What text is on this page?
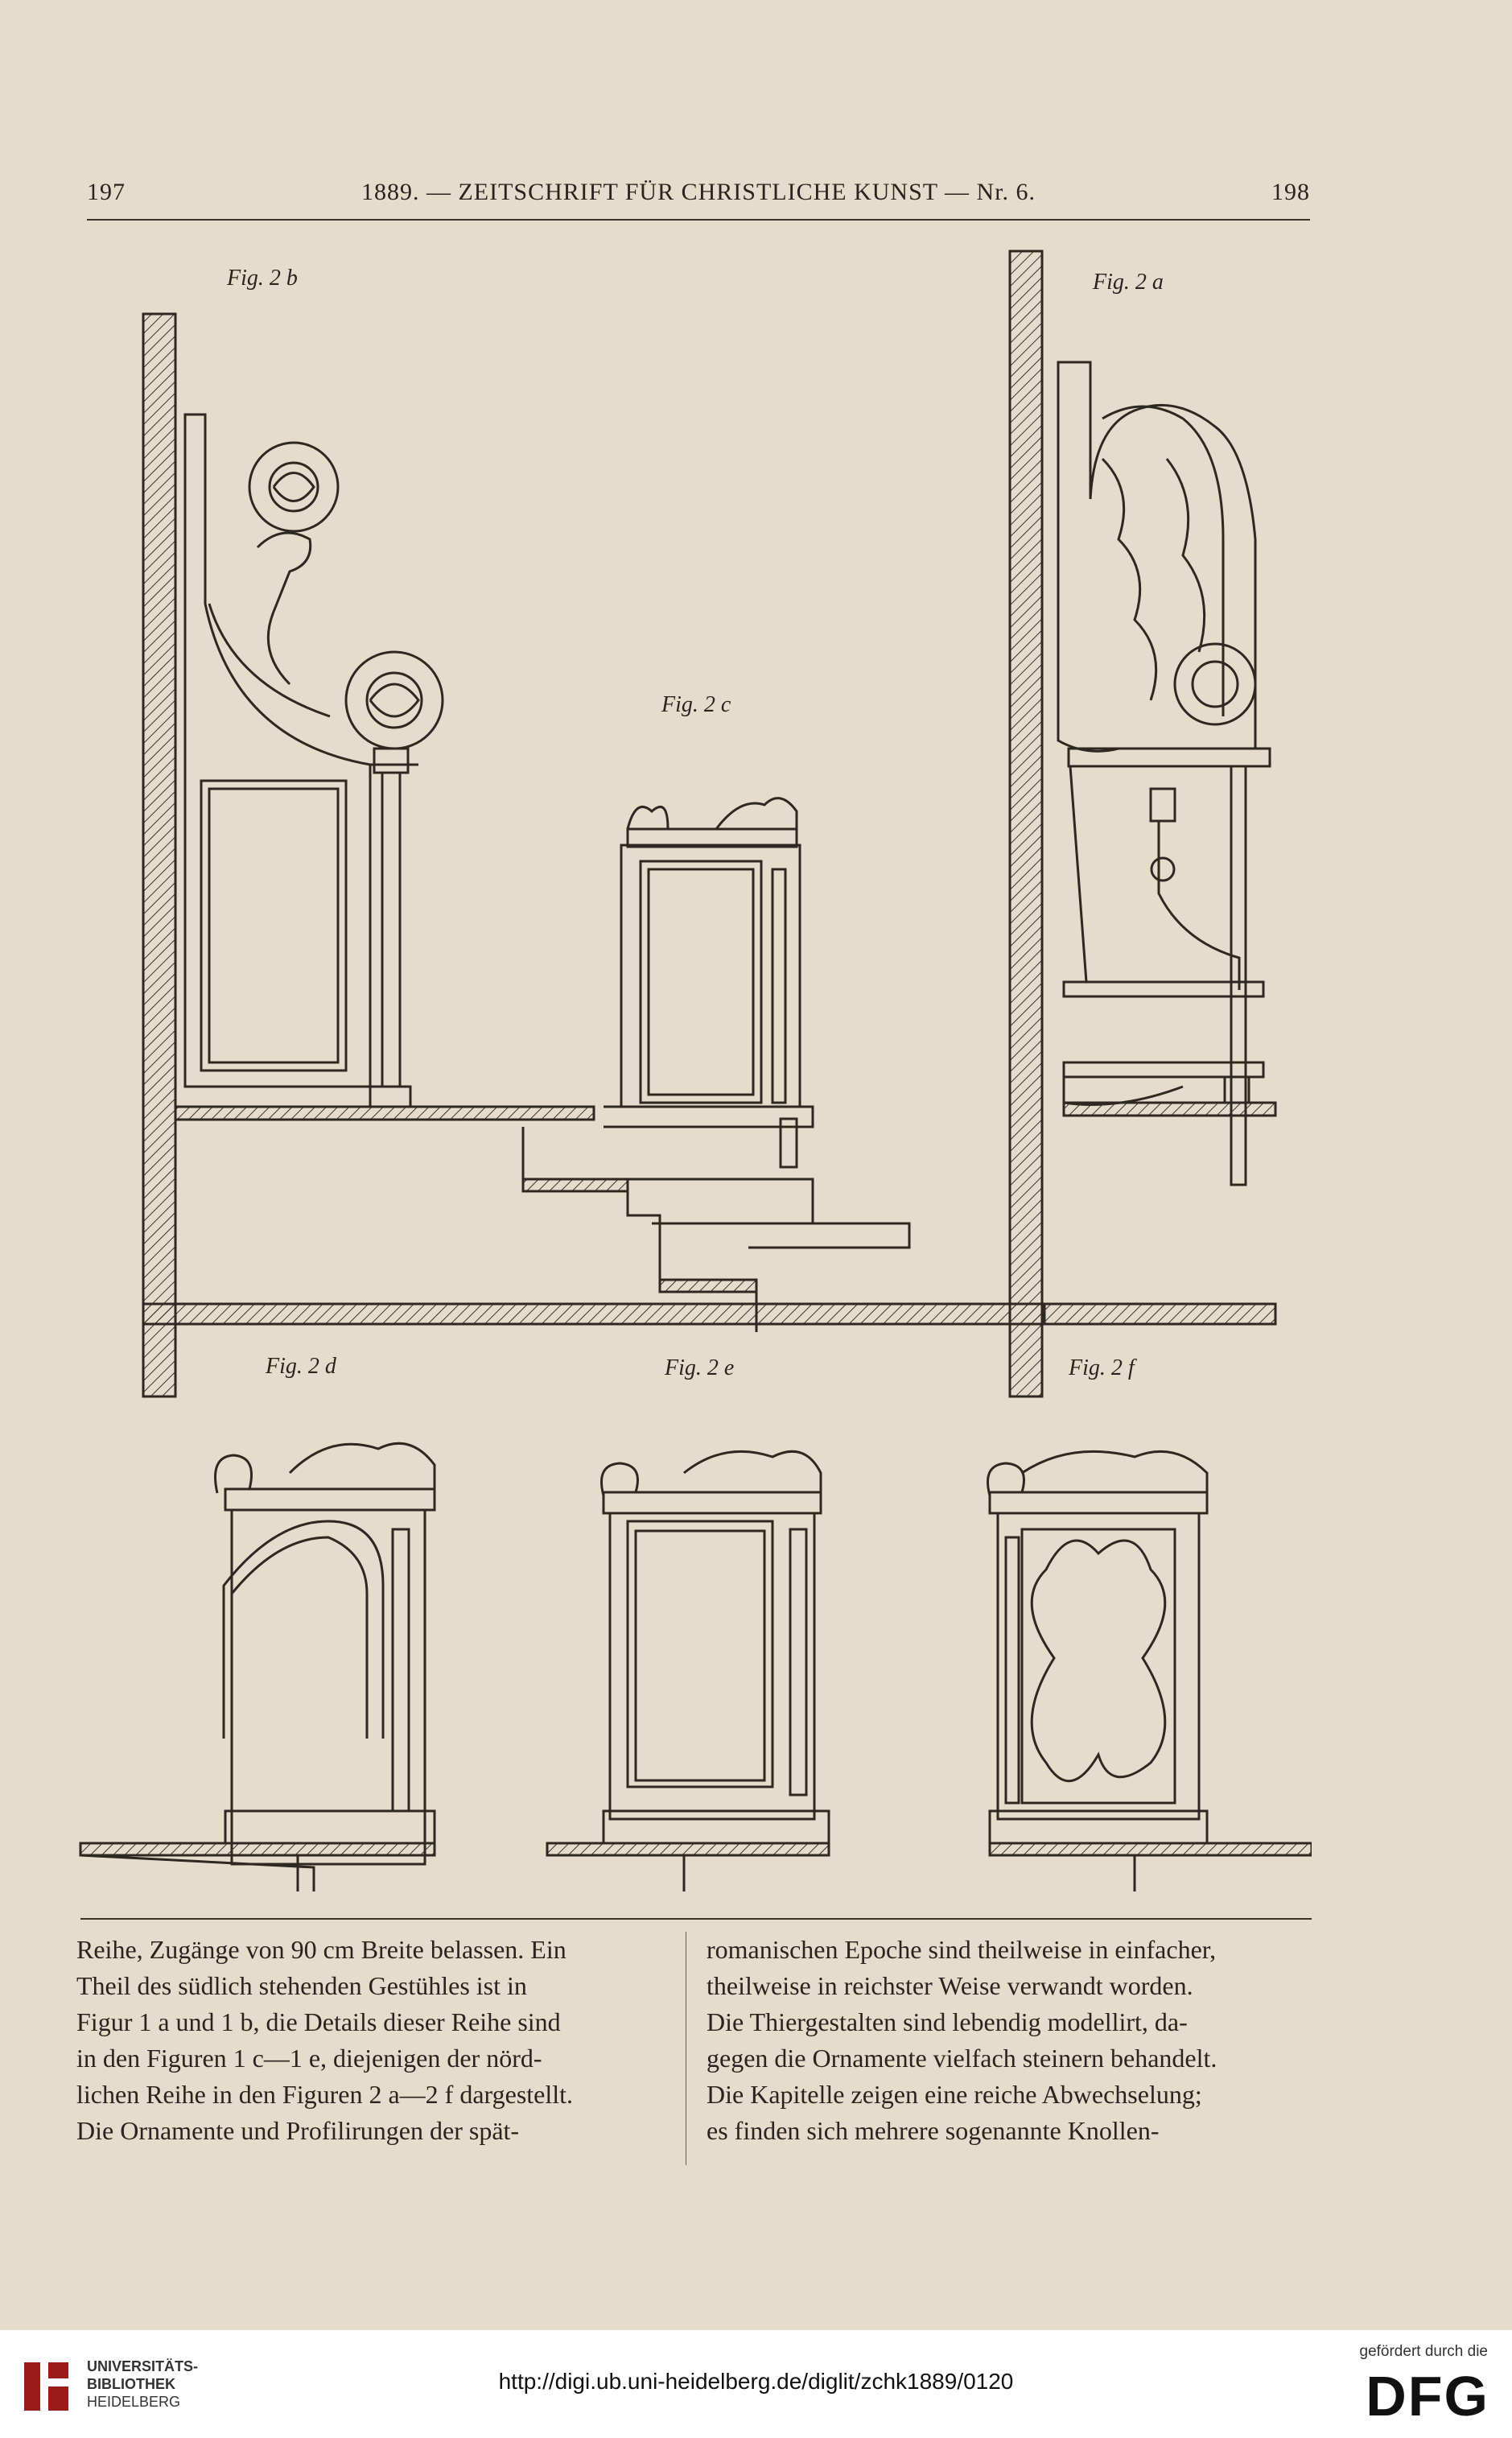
197	1889. — ZEITSCHRIFT FÜR CHRISTLICHE KUNST — Nr. 6.	198
Fig. 2 b	Fig. 2 a
Fig. 2 c
Fig. 2 d	Fig. 2 e	Fig. 2 f
Reihe, Zugänge von 90 cm Breite belassen. Ein
Theil des südlich stehenden Gestühles ist in
Figur 1 a und 1 b, die Details dieser Reihe sind
in den Figuren 1 c—1 e, diejenigen der nörd-
lichen Reihe in den Figuren 2 a—2 f dargestellt.
Die Ornamente und Profilirungen der spät-
romanischen Epoche sind theilweise in einfacher,
theilweise in reichster Weise verwandt worden.
Die Thiergestalten sind lebendig modellirt, da-
gegen die Ornamente vielfach steinern behandelt.
Die Kapitelle zeigen eine reiche Abwechselung;
es finden sich mehrere sogenannte Knollen-
UNIVERSITÄTS-
BIBLIOTHEK
HEIDELBERG
http://digi.ub.uni-heidelberg.de/diglit/zchk1889/0120
gefördert durch die
DFG
